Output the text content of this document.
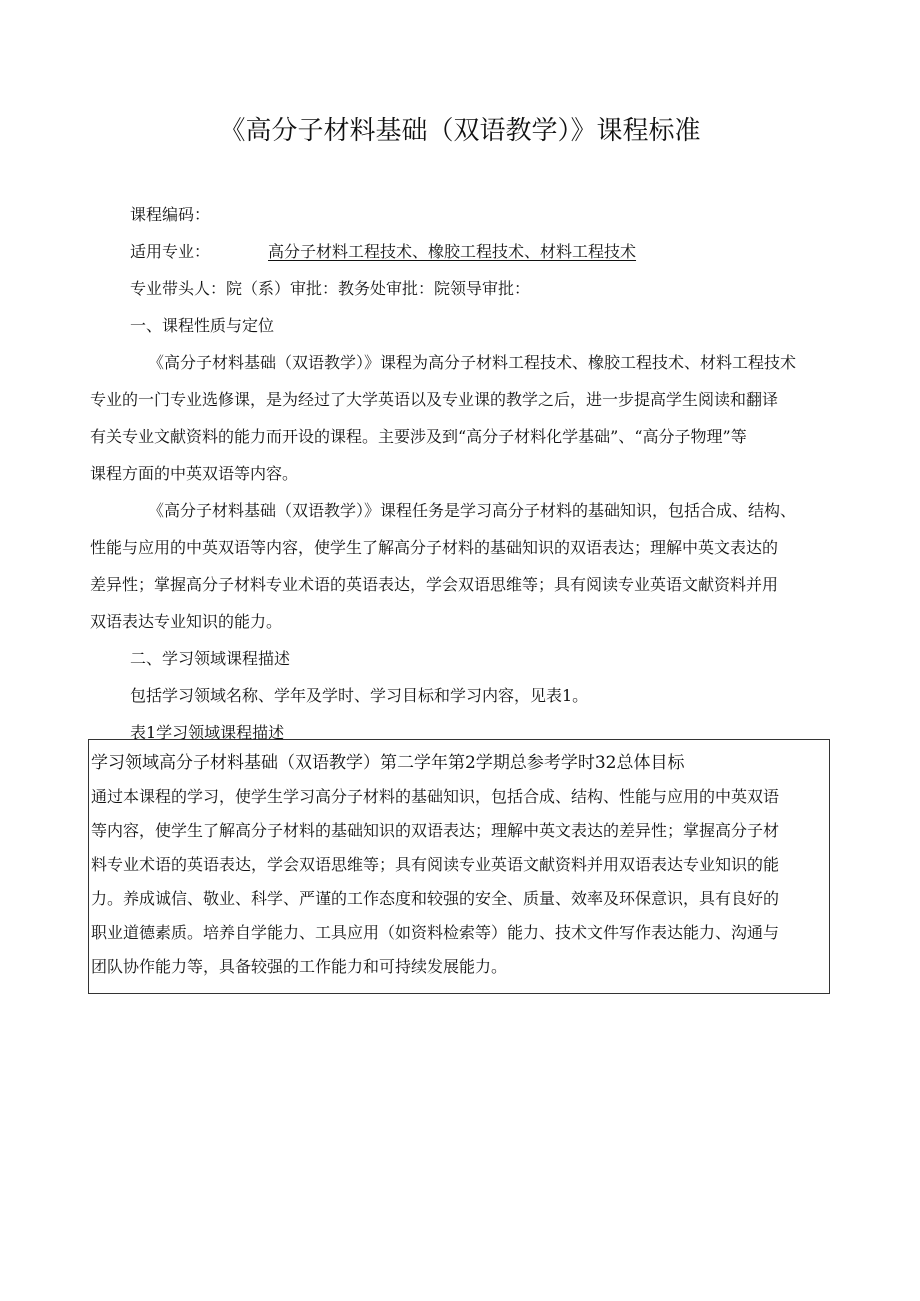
《高分子材料基础（双语教学）》课程标准
课程编码：
适用专业：	高分子材料工程技术、橡胶工程技术、材料工程技术
专业带头人：院（系）审批：教务处审批：院领导审批：
一、课程性质与定位
《高分子材料基础（双语教学）》课程为高分子材料工程技术、橡胶工程技术、材料工程技术
专业的一门专业选修课，是为经过了大学英语以及专业课的教学之后，进一步提高学生阅读和翻译
有关专业文献资料的能力而开设的课程。主要涉及到“高分子材料化学基础”、“高分子物理”等
课程方面的中英双语等内容。
《高分子材料基础（双语教学）》课程任务是学习高分子材料的基础知识，包括合成、结构、
性能与应用的中英双语等内容，使学生了解高分子材料的基础知识的双语表达；理解中英文表达的
差异性；掌握高分子材料专业术语的英语表达，学会双语思维等；具有阅读专业英语文献资料并用
双语表达专业知识的能力。
二、学习领域课程描述
包括学习领域名称、学年及学时、学习目标和学习内容，见表1。
表1学习领域课程描述
学习领域高分子材料基础（双语教学）第二学年第2学期总参考学时32总体目标
通过本课程的学习，使学生学习高分子材料的基础知识，包括合成、结构、性能与应用的中英双语
等内容，使学生了解高分子材料的基础知识的双语表达；理解中英文表达的差异性；掌握高分子材
料专业术语的英语表达，学会双语思维等；具有阅读专业英语文献资料并用双语表达专业知识的能
力。养成诚信、敬业、科学、严谨的工作态度和较强的安全、质量、效率及环保意识，具有良好的
职业道德素质。培养自学能力、工具应用（如资料检索等）能力、技术文件写作表达能力、沟通与
团队协作能力等，具备较强的工作能力和可持续发展能力。
